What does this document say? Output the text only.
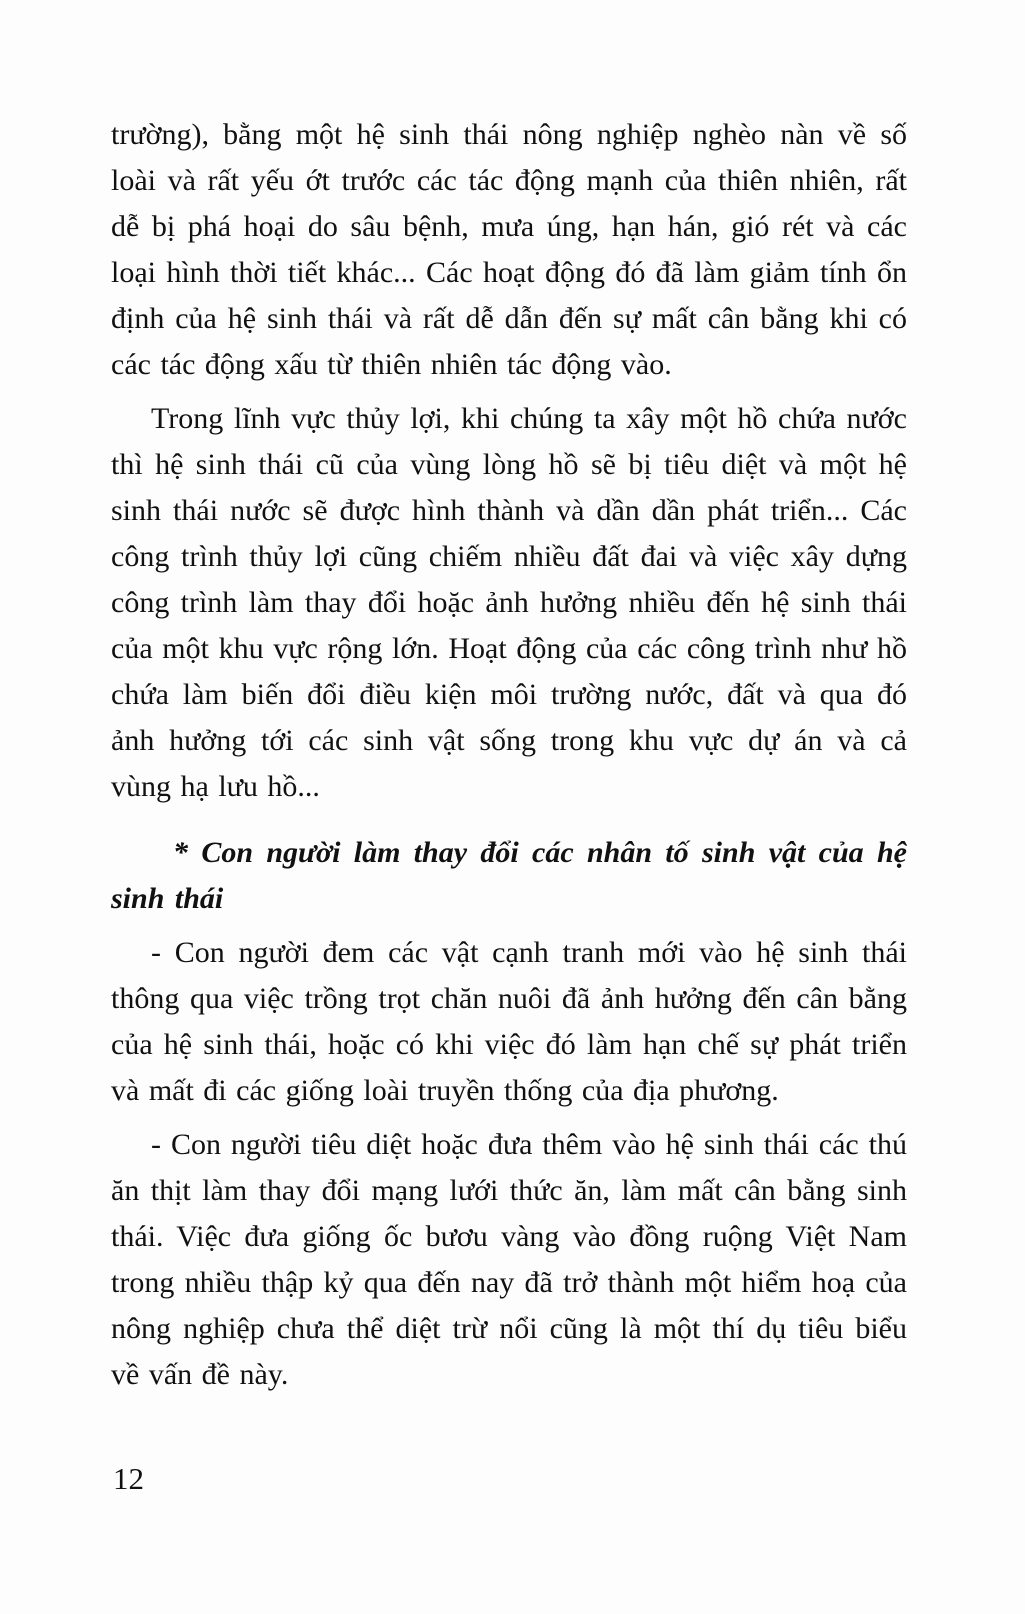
trường), bằng một hệ sinh thái nông nghiệp nghèo nàn về số loài và rất yếu ớt trước các tác động mạnh của thiên nhiên, rất dễ bị phá hoại do sâu bệnh, mưa úng, hạn hán, gió rét và các loại hình thời tiết khác... Các hoạt động đó đã làm giảm tính ổn định của hệ sinh thái và rất dễ dẫn đến sự mất cân bằng khi có các tác động xấu từ thiên nhiên tác động vào.

Trong lĩnh vực thủy lợi, khi chúng ta xây một hồ chứa nước thì hệ sinh thái cũ của vùng lòng hồ sẽ bị tiêu diệt và một hệ sinh thái nước sẽ được hình thành và dần dần phát triển... Các công trình thủy lợi cũng chiếm nhiều đất đai và việc xây dựng công trình làm thay đổi hoặc ảnh hưởng nhiều đến hệ sinh thái của một khu vực rộng lớn. Hoạt động của các công trình như hồ chứa làm biến đổi điều kiện môi trường nước, đất và qua đó ảnh hưởng tới các sinh vật sống trong khu vực dự án và cả vùng hạ lưu hồ...

* Con người làm thay đổi các nhân tố sinh vật của hệ sinh thái

- Con người đem các vật cạnh tranh mới vào hệ sinh thái thông qua việc trồng trọt chăn nuôi đã ảnh hưởng đến cân bằng của hệ sinh thái, hoặc có khi việc đó làm hạn chế sự phát triển và mất đi các giống loài truyền thống của địa phương.

- Con người tiêu diệt hoặc đưa thêm vào hệ sinh thái các thú ăn thịt làm thay đổi mạng lưới thức ăn, làm mất cân bằng sinh thái. Việc đưa giống ốc bươu vàng vào đồng ruộng Việt Nam trong nhiều thập kỷ qua đến nay đã trở thành một hiểm hoạ của nông nghiệp chưa thể diệt trừ nổi cũng là một thí dụ tiêu biểu về vấn đề này.

12
